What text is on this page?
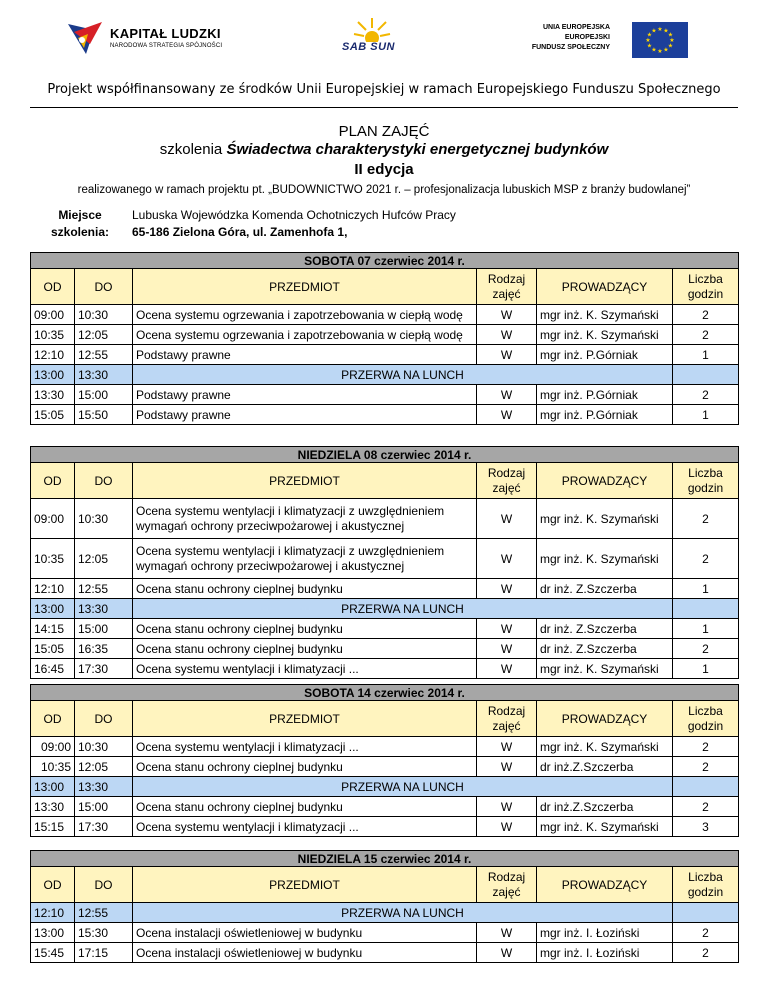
KAPITAŁ LUDZKI
NARODOWA STRATEGIA SPÓJNOŚCI	SAB SUN
UNIA EUROPEJSKA
EUROPEJSKI
FUNDUSZ SPOŁECZNY
★ ★
★
★
★
★
★
★
★
★
★
★
Projekt współfinansowany ze środków Unii Europejskiej w ramach Europejskiego Funduszu Społecznego
PLAN ZAJĘĆ
szkolenia Świadectwa charakterystyki energetycznej budynków
II edycja
realizowanego w ramach projektu pt. „BUDOWNICTWO 2021 r. – profesjonalizacja lubuskich MSP z branży budowlanej”
Miejsce
szkolenia:
Lubuska Wojewódzka Komenda Ochotniczych Hufców Pracy
65-186 Zielona Góra, ul. Zamenhofa 1,
SOBOTA 07 czerwiec 2014 r.					
OD	DO	PRZEDMIOT	Rodzaj zajęć	PROWADZĄCY	Liczba godzin
09:00	10:30	Ocena systemu ogrzewania i zapotrzebowania w ciepłą wodę	W	mgr inż. K. Szymański	2
10:35	12:05	Ocena systemu ogrzewania i zapotrzebowania w ciepłą wodę	W	mgr inż. K. Szymański	2
12:10	12:55	Podstawy prawne	W	mgr inż. P.Górniak	1
13:00	13:30	PRZERWA NA LUNCH			
13:30	15:00	Podstawy prawne	W	mgr inż. P.Górniak	2
15:05	15:50	Podstawy prawne	W	mgr inż. P.Górniak	1
NIEDZIELA 08 czerwiec 2014 r.					
OD	DO	PRZEDMIOT	Rodzaj zajęć	PROWADZĄCY	Liczba godzin
09:00	10:30	Ocena systemu wentylacji i klimatyzacji z uwzględnieniem wymagań ochrony przeciwpożarowej i akustycznej	W	mgr inż. K. Szymański	2
10:35	12:05	Ocena systemu wentylacji i klimatyzacji z uwzględnieniem wymagań ochrony przeciwpożarowej i akustycznej	W	mgr inż. K. Szymański	2
12:10	12:55	Ocena stanu ochrony cieplnej budynku	W	dr inż. Z.Szczerba	1
13:00	13:30	PRZERWA NA LUNCH			
14:15	15:00	Ocena stanu ochrony cieplnej budynku	W	dr inż. Z.Szczerba	1
15:05	16:35	Ocena stanu ochrony cieplnej budynku	W	dr inż. Z.Szczerba	2
16:45	17:30	Ocena systemu wentylacji i klimatyzacji ...	W	mgr inż. K. Szymański	1
SOBOTA 14 czerwiec 2014 r.					
OD	DO	PRZEDMIOT	Rodzaj zajęć	PROWADZĄCY	Liczba godzin
09:00	10:30	Ocena systemu wentylacji i klimatyzacji ...	W	mgr inż. K. Szymański	2
10:35	12:05	Ocena stanu ochrony cieplnej budynku	W	dr inż.Z.Szczerba	2
13:00	13:30	PRZERWA NA LUNCH			
13:30	15:00	Ocena stanu ochrony cieplnej budynku	W	dr inż.Z.Szczerba	2
15:15	17:30	Ocena systemu wentylacji i klimatyzacji ...	W	mgr inż. K. Szymański	3
NIEDZIELA 15 czerwiec 2014 r.					
OD	DO	PRZEDMIOT	Rodzaj zajęć	PROWADZĄCY	Liczba godzin
12:10	12:55	PRZERWA NA LUNCH			
13:00	15:30	Ocena instalacji oświetleniowej w budynku	W	mgr inż. I. Łoziński	2
15:45	17:15	Ocena instalacji oświetleniowej w budynku	W	mgr inż. I. Łoziński	2
